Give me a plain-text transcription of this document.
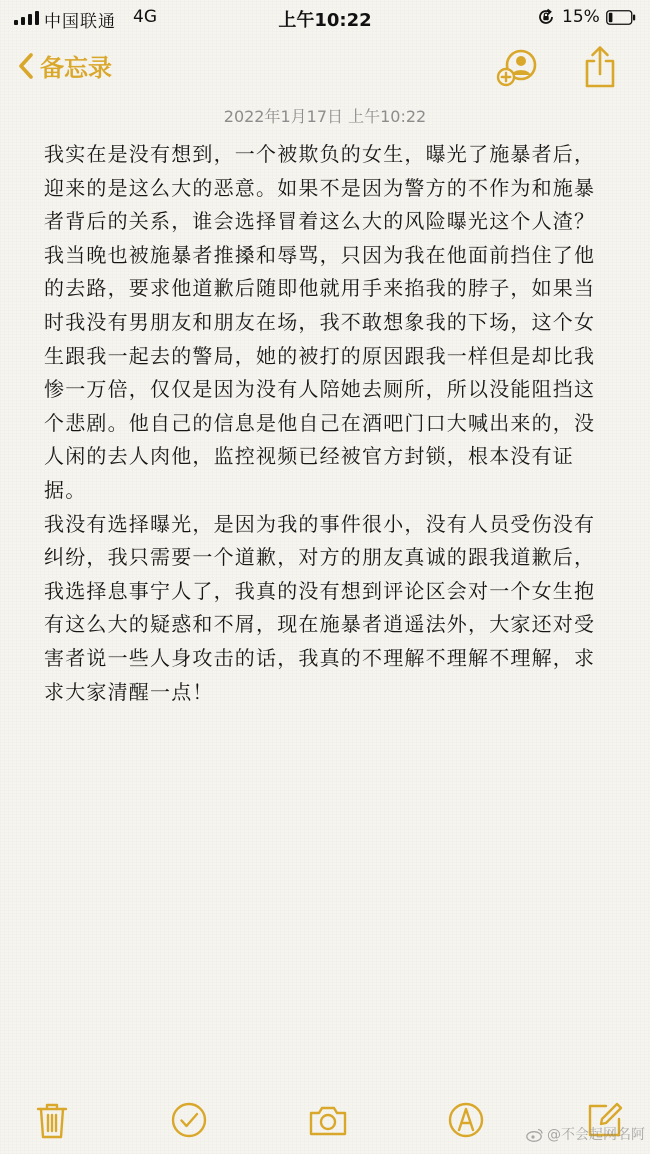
中国联通 4G	上午10:22	15%
备忘录
2022年1月17日 上午10:22

我实在是没有想到，一个被欺负的女生，曝光了施暴者后，迎来的是这么大的恶意。如果不是因为警方的不作为和施暴者背后的关系，谁会选择冒着这么大的风险曝光这个人渣？我当晚也被施暴者推搡和辱骂，只因为我在他面前挡住了他的去路，要求他道歉后随即他就用手来掐我的脖子，如果当时我没有男朋友和朋友在场，我不敢想象我的下场，这个女生跟我一起去的警局，她的被打的原因跟我一样但是却比我惨一万倍，仅仅是因为没有人陪她去厕所，所以没能阻挡这个悲剧。他自己的信息是他自己在酒吧门口大喊出来的，没人闲的去人肉他，监控视频已经被官方封锁，根本没有证据。

我没有选择曝光，是因为我的事件很小，没有人员受伤没有纠纷，我只需要一个道歉，对方的朋友真诚的跟我道歉后，我选择息事宁人了，我真的没有想到评论区会对一个女生抱有这么大的疑惑和不屑，现在施暴者逍遥法外，大家还对受害者说一些人身攻击的话，我真的不理解不理解不理解，求求大家清醒一点！

@不会起网名阿
